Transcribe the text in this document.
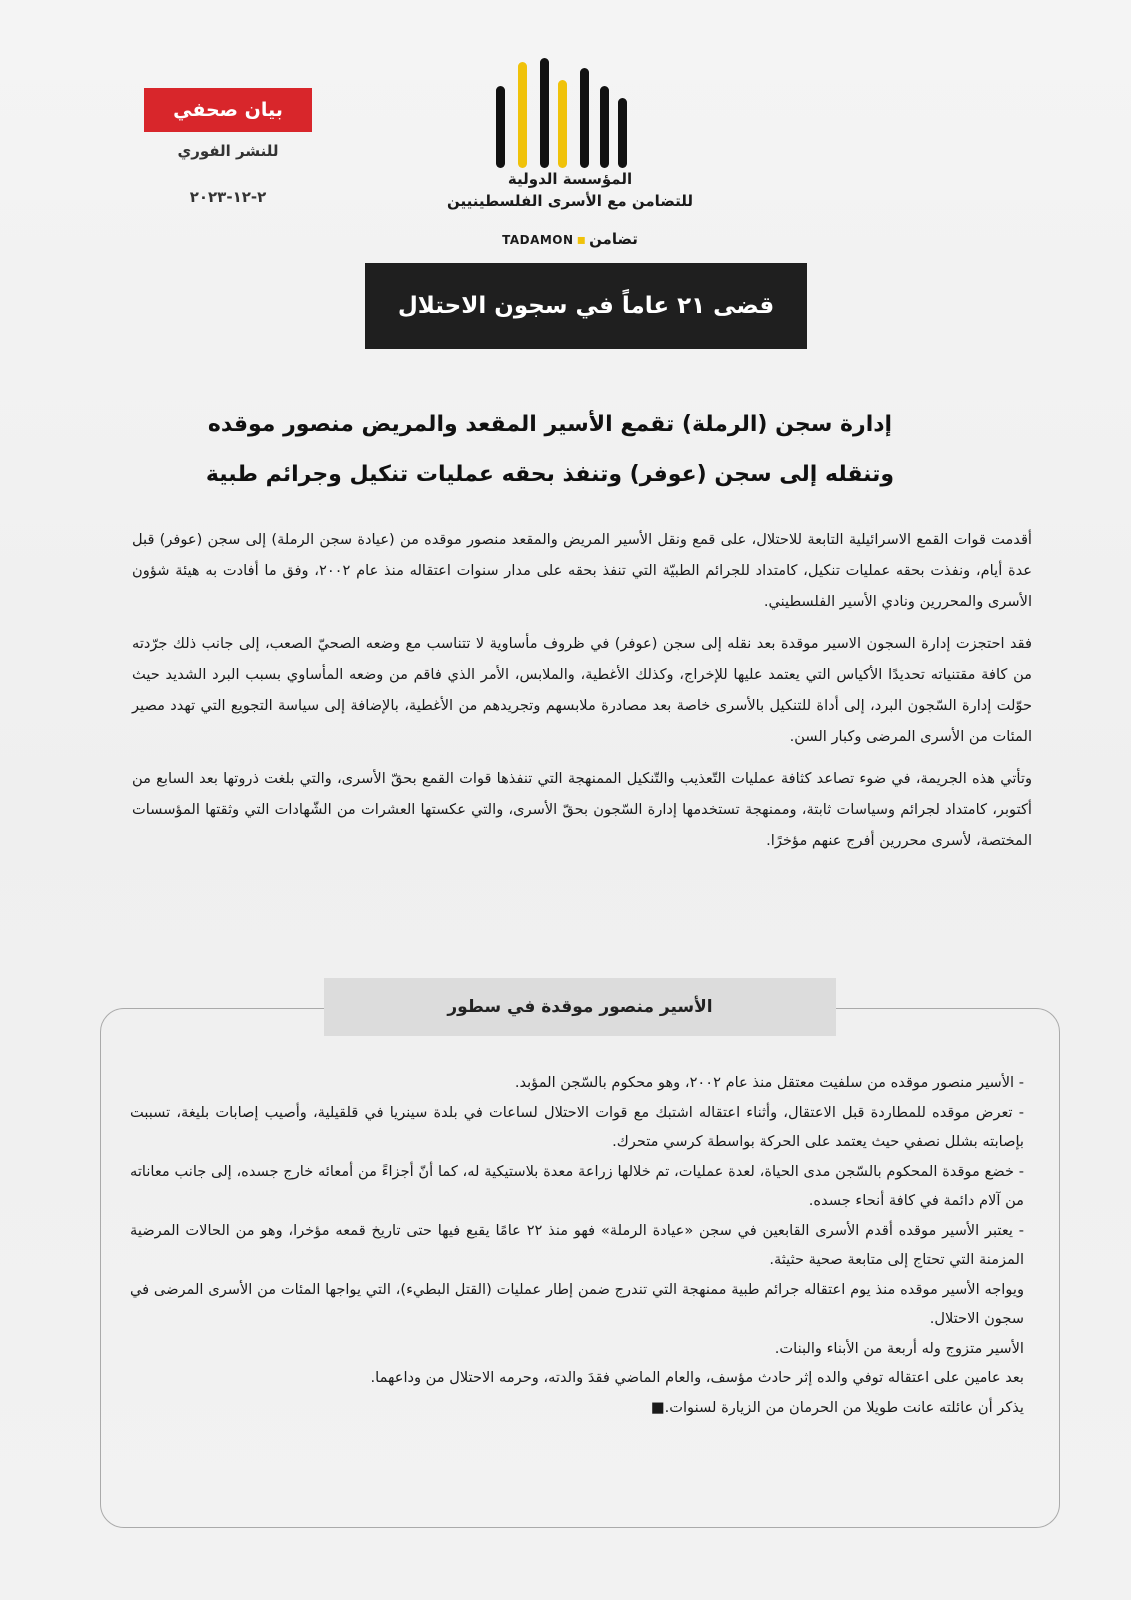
بيان صحفي
للنشر الفوري
٢-١٢-٢٠٢٣
المؤسسة الدولية
للتضامن مع الأسرى الفلسطينيين
TADAMON ▪ تضامن
قضى ٢١ عاماً في سجون الاحتلال
إدارة سجن (الرملة) تقمع الأسير المقعد والمريض منصور موقده
وتنقله إلى سجن (عوفر) وتنفذ بحقه عمليات تنكيل وجرائم طبية

أقدمت قوات القمع الاسرائيلية التابعة للاحتلال، على قمع ونقل الأسير المريض والمقعد منصور موقده من (عيادة سجن الرملة) إلى سجن (عوفر) قبل عدة أيام، ونفذت بحقه عمليات تنكيل، كامتداد للجرائم الطبيّة التي تنفذ بحقه على مدار سنوات اعتقاله منذ عام ٢٠٠٢، وفق ما أفادت به هيئة شؤون الأسرى والمحررين ونادي الأسير الفلسطيني.

فقد احتجزت إدارة السجون الاسير موقدة بعد نقله إلى سجن (عوفر) في ظروف مأساوية لا تتناسب مع وضعه الصحيّ الصعب، إلى جانب ذلك جرّدته من كافة مقتنياته تحديدًا الأكياس التي يعتمد عليها للإخراج، وكذلك الأغطية، والملابس، الأمر الذي فاقم من وضعه المأساوي بسبب البرد الشديد حيث حوّلت إدارة السّجون البرد، إلى أداة للتنكيل بالأسرى خاصة بعد مصادرة ملابسهم وتجريدهم من الأغطية، بالإضافة إلى سياسة التجويع التي تهدد مصير المئات من الأسرى المرضى وكبار السن.

وتأتي هذه الجريمة، في ضوء تصاعد كثافة عمليات التّعذيب والتّنكيل الممنهجة التي تنفذها قوات القمع بحقّ الأسرى، والتي بلغت ذروتها بعد السابع من أكتوبر، كامتداد لجرائم وسياسات ثابتة، وممنهجة تستخدمها إدارة السّجون بحقّ الأسرى، والتي عكستها العشرات من الشّهادات التي وثقتها المؤسسات المختصة، لأسرى محررين أفرج عنهم مؤخرًا.

الأسير منصور موقدة في سطور
- الأسير منصور موقده من سلفيت معتقل منذ عام ٢٠٠٢، وهو محكوم بالسّجن المؤبد.
- تعرض موقده للمطاردة قبل الاعتقال، وأثناء اعتقاله اشتبك مع قوات الاحتلال لساعات في بلدة سينريا في قلقيلية، وأصيب إصابات بليغة، تسببت بإصابته بشلل نصفي حيث يعتمد على الحركة بواسطة كرسي متحرك.
- خضع موقدة المحكوم بالسّجن مدى الحياة، لعدة عمليات، تم خلالها زراعة معدة بلاستيكية له، كما أنّ أجزاءً من أمعائه خارج جسده، إلى جانب معاناته من آلام دائمة في كافة أنحاء جسده.
- يعتبر الأسير موقده أقدم الأسرى القابعين في سجن «عيادة الرملة» فهو منذ ٢٢ عامًا يقبع فيها حتى تاريخ قمعه مؤخرا، وهو من الحالات المرضية المزمنة التي تحتاج إلى متابعة صحية حثيثة.
ويواجه الأسير موقده منذ يوم اعتقاله جرائم طبية ممنهجة التي تندرج ضمن إطار عمليات (القتل البطيء)، التي يواجها المئات من الأسرى المرضى في سجون الاحتلال.
الأسير متزوج وله أربعة من الأبناء والبنات.
بعد عامين على اعتقاله توفي والده إثر حادث مؤسف، والعام الماضي فقدَ والدته، وحرمه الاحتلال من وداعهما.
يذكر أن عائلته عانت طويلا من الحرمان من الزيارة لسنوات.■
